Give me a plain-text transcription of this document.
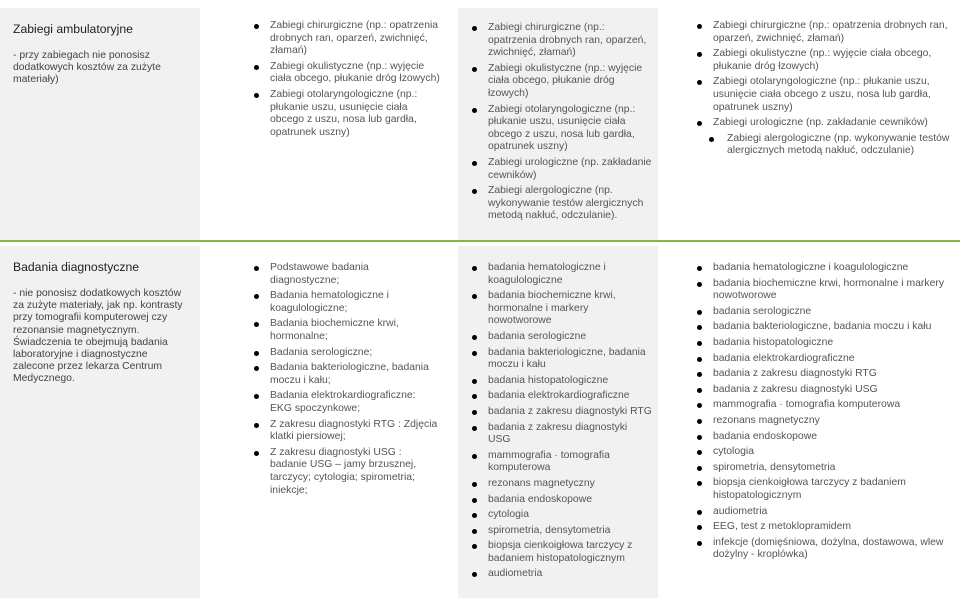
Zabiegi ambulatoryjne
- przy zabiegach nie ponosisz dodatkowych kosztów za zużyte materiały)
Zabiegi chirurgiczne (np.: opatrzenia drobnych ran, oparzeń, zwichnięć, złamań)
Zabiegi okulistyczne (np.: wyjęcie ciała obcego, płukanie dróg łzowych)
Zabiegi otolaryngologiczne (np.: płukanie uszu, usunięcie ciała obcego z uszu, nosa lub gardła, opatrunek uszny)
Zabiegi chirurgiczne (np.: opatrzenia drobnych ran, oparzeń, zwichnięć, złamań)
Zabiegi okulistyczne (np.: wyjęcie ciała obcego, płukanie dróg łzowych)
Zabiegi otolaryngologiczne (np.: płukanie uszu, usunięcie ciała obcego z uszu, nosa lub gardła, opatrunek uszny)
Zabiegi urologiczne (np. zakładanie cewników)
Zabiegi alergologiczne (np. wykonywanie testów alergicznych metodą nakłuć, odczulanie).
Zabiegi chirurgiczne (np.: opatrzenia drobnych ran, oparzeń, zwichnięć, złamań)
Zabiegi okulistyczne (np.: wyjęcie ciała obcego, płukanie dróg łzowych)
Zabiegi otolaryngologiczne (np.: płukanie uszu, usunięcie ciała obcego z uszu, nosa lub gardła, opatrunek uszny)
Zabiegi urologiczne (np. zakładanie cewników)
Zabiegi alergologiczne (np. wykonywanie testów alergicznych metodą nakłuć, odczulanie)
Badania diagnostyczne
- nie ponosisz dodatkowych kosztów za zużyte materiały, jak np. kontrasty przy tomografii komputerowej czy rezonansie magnetycznym. Świadczenia te obejmują badania laboratoryjne i diagnostyczne zalecone przez lekarza Centrum Medycznego.
Podstawowe badania diagnostyczne;
Badania hematologiczne i koagulologiczne;
Badania biochemiczne krwi, hormonalne;
Badania serologiczne;
Badania bakteriologiczne, badania moczu i kału;
Badania elektrokardiograficzne: EKG spoczynkowe;
Z zakresu diagnostyki RTG : Zdjęcia klatki piersiowej;
Z zakresu diagnostyki USG : badanie USG – jamy brzusznej, tarczycy; cytologia; spirometria; iniekcje;
badania hematologiczne i koagulologiczne
badania biochemiczne krwi, hormonalne i markery nowotworowe
badania serologiczne
badania bakteriologiczne, badania moczu i kału
badania histopatologiczne
badania elektrokardiograficzne
badania z zakresu diagnostyki RTG
badania z zakresu diagnostyki USG
mammografia · tomografia komputerowa
rezonans magnetyczny
badania endoskopowe
cytologia
spirometria, densytometria
biopsja cienkoigłowa tarczycy z badaniem histopatologicznym
audiometria
badania hematologiczne i koagulologiczne
badania biochemiczne krwi, hormonalne i markery nowotworowe
badania serologiczne
badania bakteriologiczne, badania moczu i kału
badania histopatologiczne
badania elektrokardiograficzne
badania z zakresu diagnostyki RTG
badania z zakresu diagnostyki USG
mammografia · tomografia komputerowa
rezonans magnetyczny
badania endoskopowe
cytologia
spirometria, densytometria
biopsja cienkoigłowa tarczycy z badaniem histopatologicznym
audiometria
EEG, test z metoklopramidem
infekcje (domięśniowa, dożylna, dostawowa, wlew dożylny - kroplówka)
